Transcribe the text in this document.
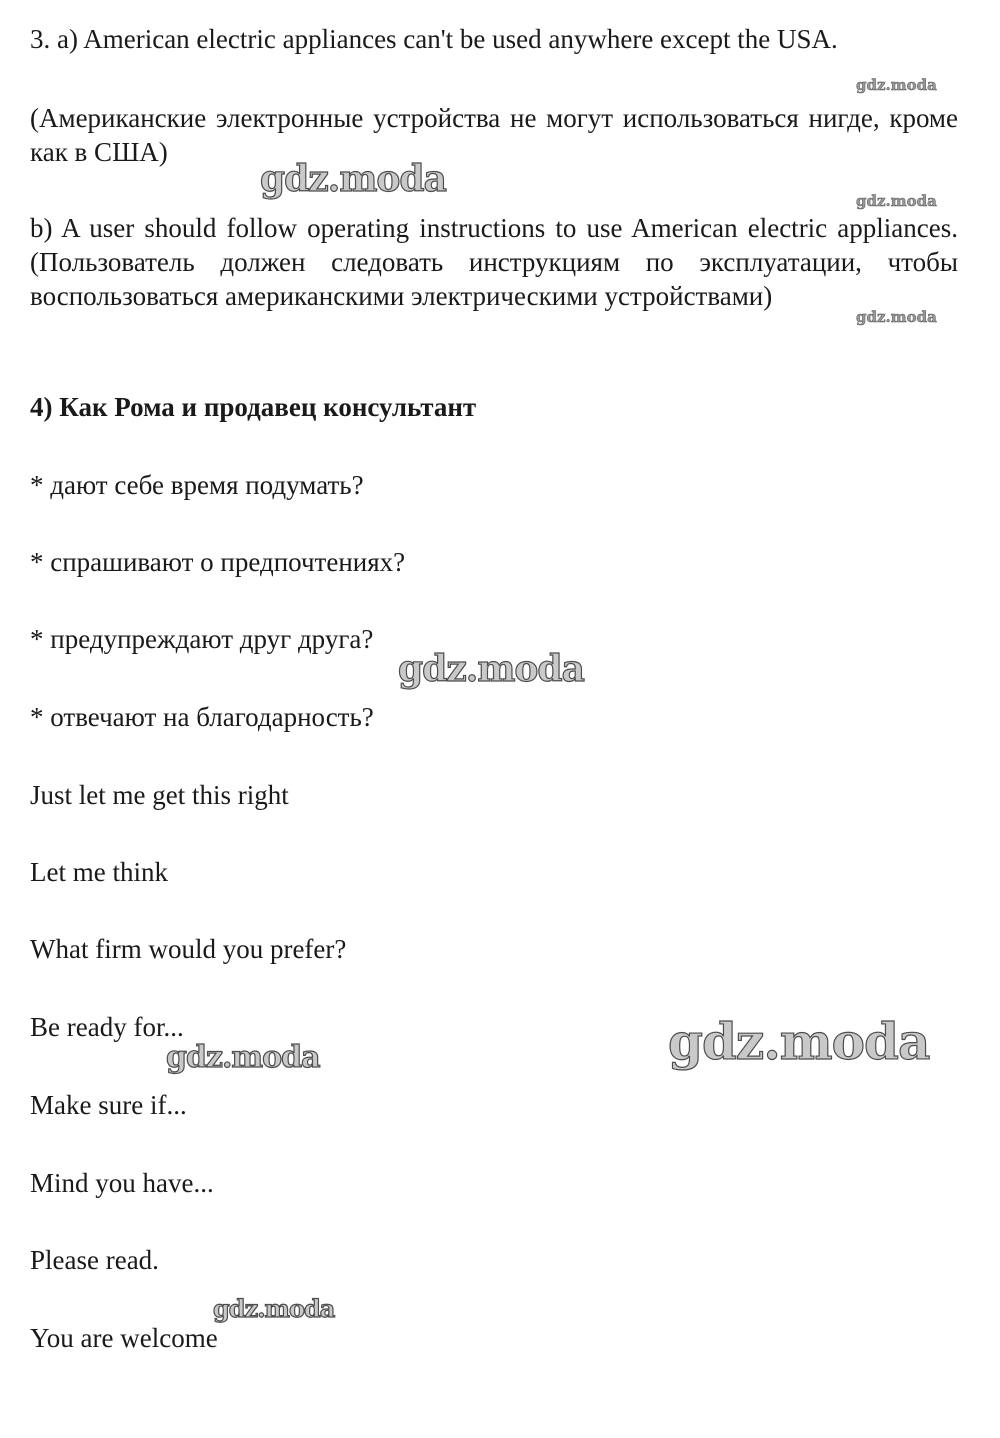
3. a) American electric appliances can't be used anywhere except the USA.
(Американские электронные устройства не могут использоваться нигде, кроме как в США)
b) A user should follow operating instructions to use American electric appliances. (Пользователь должен следовать инструкциям по эксплуатации, чтобы воспользоваться американскими электрическими устройствами)
4) Как Рома и продавец консультант
* дают себе время подумать?
* спрашивают о предпочтениях?
* предупреждают друг друга?
* отвечают на благодарность?
Just let me get this right
Let me think
What firm would you prefer?
Be ready for...
Make sure if...
Mind you have...
Please read.
You are welcome
gdz.moda
gdz.moda
gdz.moda
gdz.moda
gdz.moda
gdz.moda
gdz.moda
gdz.moda
